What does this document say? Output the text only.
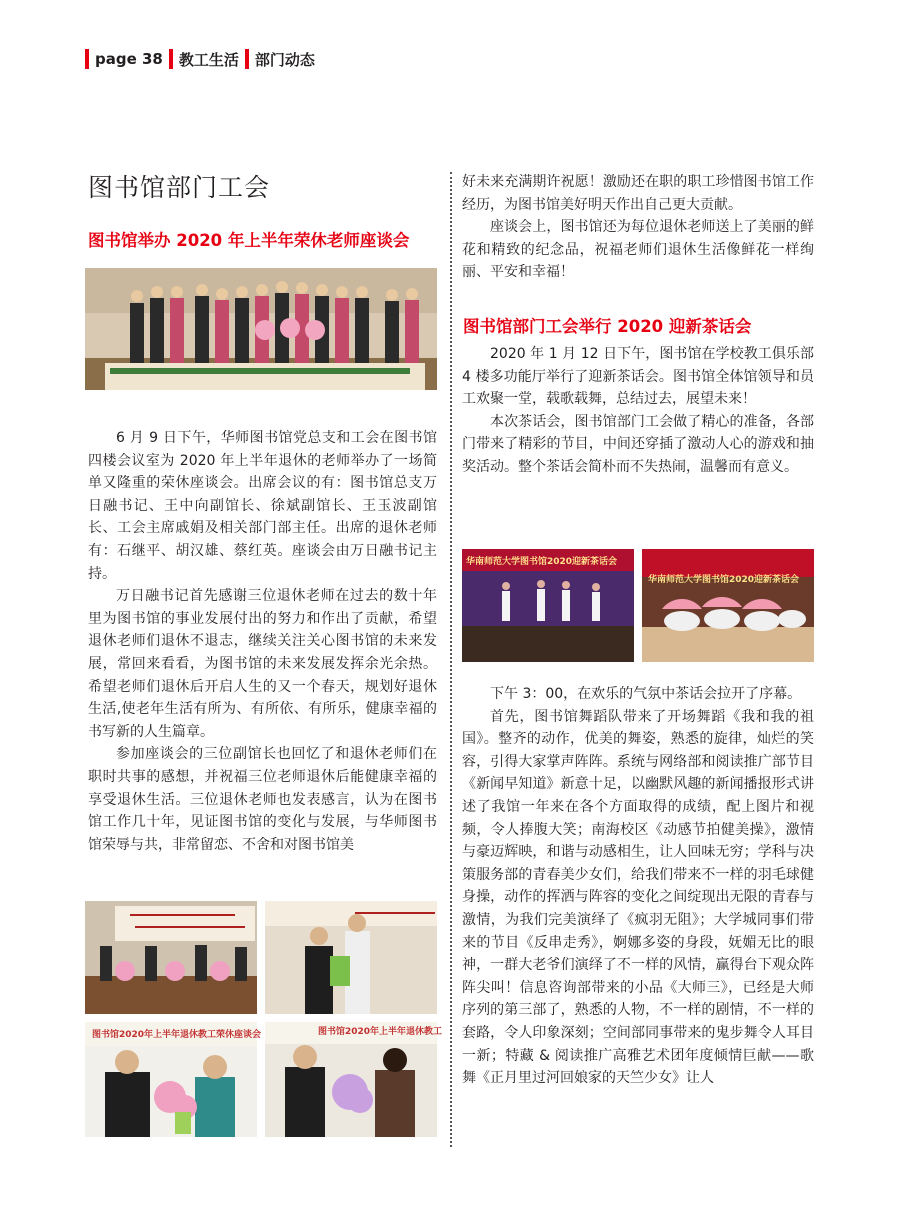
page 38	教工生活	部门动态
图书馆部门工会
图书馆举办 2020 年上半年荣休老师座谈会

6 月 9 日下午，华师图书馆党总支和工会在图书馆四楼会议室为 2020 年上半年退休的老师举办了一场简单又隆重的荣休座谈会。出席会议的有：图书馆总支万日融书记、王中向副馆长、徐斌副馆长、王玉波副馆长、工会主席戚娟及相关部门部主任。出席的退休老师有：石继平、胡汉雄、蔡红英。座谈会由万日融书记主持。

万日融书记首先感谢三位退休老师在过去的数十年里为图书馆的事业发展付出的努力和作出了贡献，希望退休老师们退休不退志，继续关注关心图书馆的未来发展，常回来看看，为图书馆的未来发展发挥余光余热。希望老师们退休后开启人生的又一个春天，规划好退休生活,使老年生活有所为、有所依、有所乐，健康幸福的书写新的人生篇章。

参加座谈会的三位副馆长也回忆了和退休老师们在职时共事的感想，并祝福三位老师退休后能健康幸福的享受退休生活。三位退休老师也发表感言，认为在图书馆工作几十年，见证图书馆的变化与发展，与华师图书馆荣辱与共，非常留恋、不舍和对图书馆美

图书馆2020年上半年退休教工荣休座谈会	图书馆2020年上半年退休教工

好未来充满期许祝愿！激励还在职的职工珍惜图书馆工作经历，为图书馆美好明天作出自己更大贡献。

座谈会上，图书馆还为每位退休老师送上了美丽的鲜花和精致的纪念品，祝福老师们退休生活像鲜花一样绚丽、平安和幸福！

图书馆部门工会举行 2020 迎新茶话会

2020 年 1 月 12 日下午，图书馆在学校教工俱乐部 4 楼多功能厅举行了迎新茶话会。图书馆全体馆领导和员工欢聚一堂，载歌载舞，总结过去，展望未来！

本次茶话会，图书馆部门工会做了精心的准备，各部门带来了精彩的节目，中间还穿插了激动人心的游戏和抽奖活动。整个茶话会简朴而不失热闹，温馨而有意义。

华南师范大学图书馆2020迎新茶话会
华南师范大学图书馆2020迎新茶话会

下午 3：00，在欢乐的气氛中茶话会拉开了序幕。

首先，图书馆舞蹈队带来了开场舞蹈《我和我的祖国》。整齐的动作，优美的舞姿，熟悉的旋律，灿烂的笑容，引得大家掌声阵阵。系统与网络部和阅读推广部节目《新闻早知道》新意十足，以幽默风趣的新闻播报形式讲述了我馆一年来在各个方面取得的成绩，配上图片和视频，令人捧腹大笑；南海校区《动感节拍健美操》，激情与豪迈辉映，和谐与动感相生，让人回味无穷；学科与决策服务部的青春美少女们，给我们带来不一样的羽毛球健身操，动作的挥洒与阵容的变化之间绽现出无限的青春与激情，为我们完美演绎了《疯羽无阻》；大学城同事们带来的节目《反串走秀》，婀娜多姿的身段，妩媚无比的眼神，一群大老爷们演绎了不一样的风情，赢得台下观众阵阵尖叫！信息咨询部带来的小品《大师三》，已经是大师序列的第三部了，熟悉的人物，不一样的剧情，不一样的套路，令人印象深刻；空间部同事带来的鬼步舞令人耳目一新；特藏 & 阅读推广高雅艺术团年度倾情巨献——歌舞《正月里过河回娘家的天竺少女》让人
